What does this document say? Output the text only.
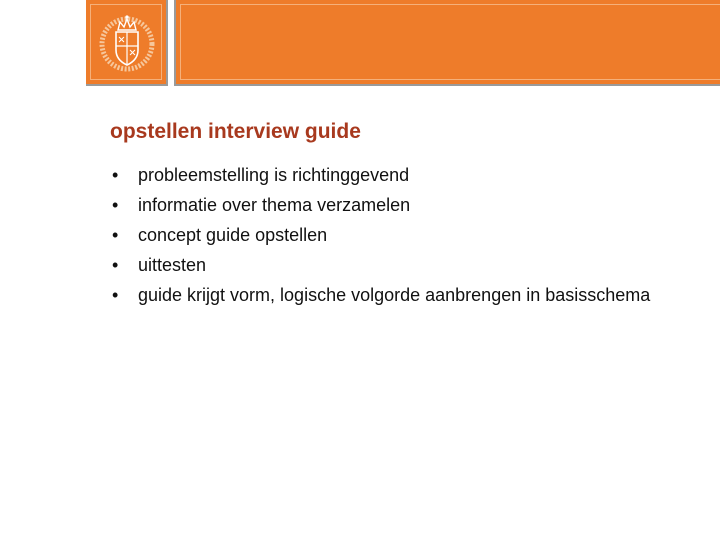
opstellen interview guide
• probleemstelling is richtinggevend
• informatie over thema verzamelen
• concept guide opstellen
• uittesten
• guide krijgt vorm, logische volgorde aanbrengen in basisschema
